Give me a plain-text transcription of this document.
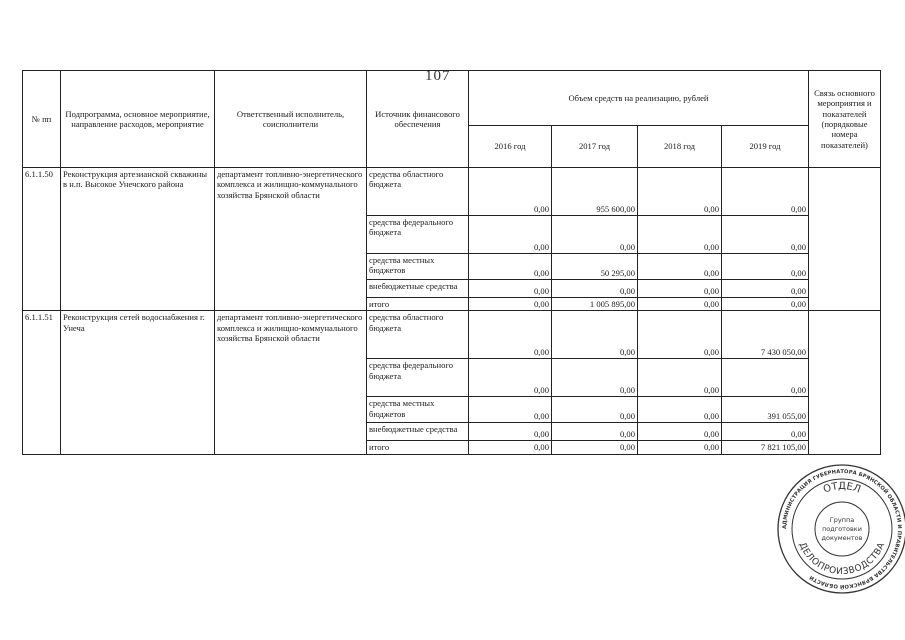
107
№ пп	Подпрограмма, основное мероприятие, направление расходов, мероприятие	Ответственный исполнитель, соисполнители	Источник финансового обеспечения	Объем средств на реализацию, рублей				Связь основного мероприятия и показателей (порядковые номера показателей)
				2016 год	2017 год	2018 год	2019 год	
6.1.1.50	Реконструкция артезианской скважины в н.п. Высокое Унечского района	департамент топливно-энергетического комплекса и жилищно-коммунального хозяйства Брянской области	средства областного бюджета	0,00	955 600,00	0,00	0,00	
			средства федерального бюджета	0,00	0,00	0,00	0,00	
			средства местных бюджетов	0,00	50 295,00	0,00	0,00	
			внебюджетные средства	0,00	0,00	0,00	0,00	
			итого	0,00	1 005 895,00	0,00	0,00	
6.1.1.51	Реконструкция сетей водоснабжения г. Унеча	департамент топливно-энергетического комплекса и жилищно-коммунального хозяйства Брянской области	средства областного бюджета	0,00	0,00	0,00	7 430 050,00	
			средства федерального бюджета	0,00	0,00	0,00	0,00	
			средства местных бюджетов	0,00	0,00	0,00	391 055,00	
			внебюджетные средства	0,00	0,00	0,00	0,00	
			итого	0,00	0,00	0,00	7 821 105,00	
АДМИНИСТРАЦИЯ ГУБЕРНАТОРА БРЯНСКОЙ ОБЛАСТИ И ПРАВИТЕЛЬСТВА БРЯНСКОЙ ОБЛАСТИ
ОТДЕЛ
ДЕЛОПРОИЗВОДСТВА
Группа
подготовки
документов
